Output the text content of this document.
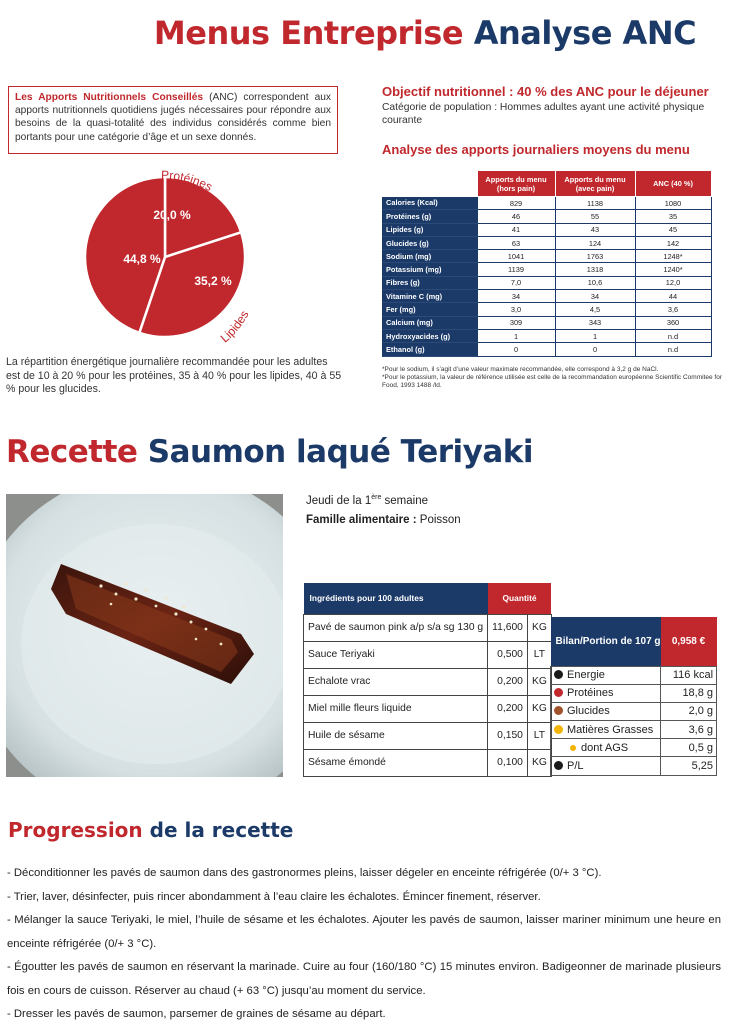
Menus Entreprise Analyse ANC
Les Apports Nutritionnels Conseillés (ANC) correspondent aux apports nutritionnels quotidiens jugés nécessaires pour répondre aux besoins de la quasi-totalité des individus considérés comme bien portants pour une catégorie d’âge et un sexe donnés.
Protéines
Lipides
Glucides	20,0 %
35,2 %
44,8 %
La répartition énergétique journalière recommandée pour les adultes est de 10 à 20 % pour les protéines, 35 à 40 % pour les lipides, 40 à 55 % pour les glucides.
Objectif nutritionnel : 40 % des ANC pour le déjeuner
Catégorie de population : Hommes adultes ayant une activité physique courante
Analyse des apports journaliers moyens du menu
	Apports du menu (hors pain)	Apports du menu (avec pain)	ANC (40 %)
Calories (Kcal)	829	1138	1080
Protéines (g)	46	55	35
Lipides (g)	41	43	45
Glucides (g)	63	124	142
Sodium (mg)	1041	1763	1248*
Potassium (mg)	1139	1318	1240*
Fibres (g)	7,0	10,6	12,0
Vitamine C (mg)	34	34	44
Fer (mg)	3,0	4,5	3,6
Calcium (mg)	309	343	360
Hydroxyacides (g)	1	1	n.d
Ethanol (g)	0	0	n.d
*Pour le sodium, il s’agit d’une valeur maximale recommandée, elle correspond à 3,2 g de NaCl.
*Pour le potassium, la valeur de référence utilisée est celle de la recommandation européenne Scientific Commitee for Food, 1993 1488 /ld.
Recette Saumon laqué Teriyaki
Jeudi de la 1ère semaine
Famille alimentaire : Poisson
Ingrédients pour 100 adultes	Quantité	
Pavé de saumon pink a/p s/a sg 130 g	11,600	KG
Sauce Teriyaki	0,500	LT
Echalote vrac	0,200	KG
Miel mille fleurs liquide	0,200	KG
Huile de sésame	0,150	LT
Sésame émondé	0,100	KG
Bilan/Portion de 107 g	0,958 €
Energie	116 kcal
Protéines	18,8 g
Glucides	2,0 g
Matières Grasses	3,6 g
dont AGS	0,5 g
P/L	5,25
Progression de la recette
- Déconditionner les pavés de saumon dans des gastronormes pleins, laisser dégeler en enceinte réfrigérée (0/+ 3 °C).
- Trier, laver, désinfecter, puis rincer abondamment à l’eau claire les échalotes. Émincer finement, réserver.
- Mélanger la sauce Teriyaki, le miel, l’huile de sésame et les échalotes. Ajouter les pavés de saumon, laisser mariner minimum une heure en enceinte réfrigérée (0/+ 3 °C).
- Égoutter les pavés de saumon en réservant la marinade. Cuire au four (160/180 °C) 15 minutes environ. Badigeonner de marinade plusieurs fois en cours de cuisson. Réserver au chaud (+ 63 °C) jusqu’au moment du service.
- Dresser les pavés de saumon, parsemer de graines de sésame au départ.
